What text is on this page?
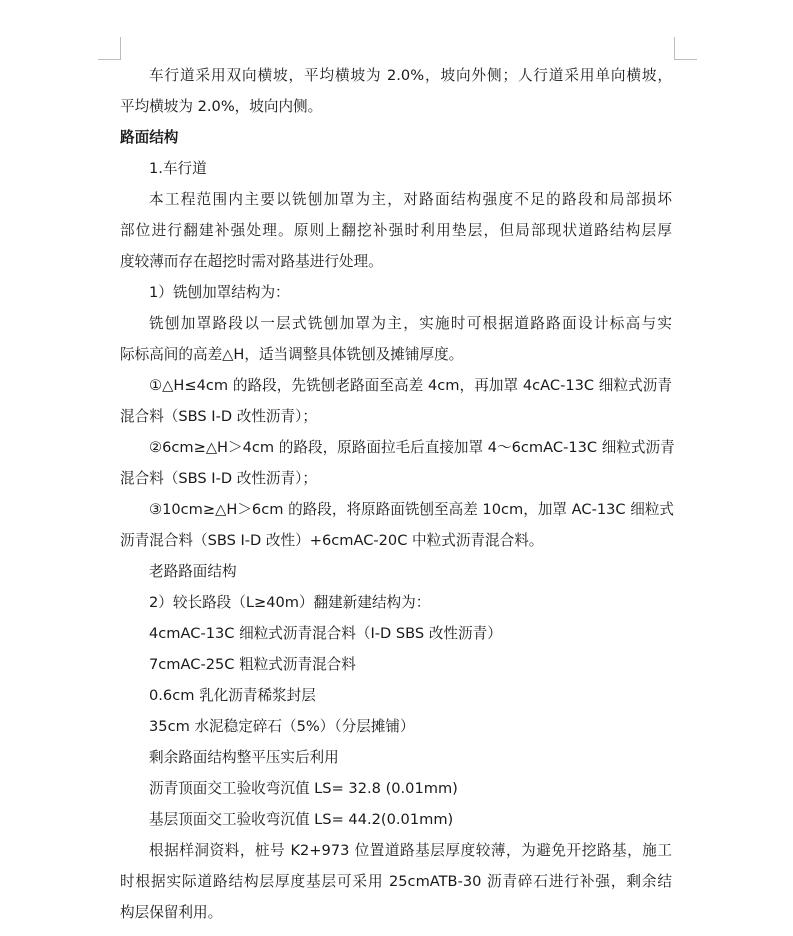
车行道采用双向横坡，平均横坡为 2.0%，坡向外侧；人行道采用单向横坡，
平均横坡为 2.0%，坡向内侧。
路面结构
1.车行道
本工程范围内主要以铣刨加罩为主，对路面结构强度不足的路段和局部损坏
部位进行翻建补强处理。原则上翻挖补强时利用垫层，但局部现状道路结构层厚
度较薄而存在超挖时需对路基进行处理。
1）铣刨加罩结构为：
铣刨加罩路段以一层式铣刨加罩为主，实施时可根据道路路面设计标高与实
际标高间的高差△H，适当调整具体铣刨及摊铺厚度。
①△H≤4cm 的路段，先铣刨老路面至高差 4cm，再加罩 4cAC-13C 细粒式沥青
混合料（SBS I-D 改性沥青）；
②6cm≥△H＞4cm 的路段，原路面拉毛后直接加罩 4～6cmAC-13C 细粒式沥青
混合料（SBS I-D 改性沥青）；
③10cm≥△H＞6cm 的路段，将原路面铣刨至高差 10cm，加罩 AC-13C 细粒式
沥青混合料（SBS I-D 改性）+6cmAC-20C 中粒式沥青混合料。
老路路面结构
2）较长路段（L≥40m）翻建新建结构为：
4cmAC-13C 细粒式沥青混合料（I-D SBS 改性沥青）
7cmAC-25C 粗粒式沥青混合料
0.6cm 乳化沥青稀浆封层
35cm 水泥稳定碎石（5%）（分层摊铺）
剩余路面结构整平压实后利用
沥青顶面交工验收弯沉值 LS= 32.8 (0.01mm)
基层顶面交工验收弯沉值 LS= 44.2(0.01mm)
根据样洞资料，桩号 K2+973 位置道路基层厚度较薄，为避免开挖路基，施工
时根据实际道路结构层厚度基层可采用 25cmATB-30 沥青碎石进行补强，剩余结
构层保留利用。
